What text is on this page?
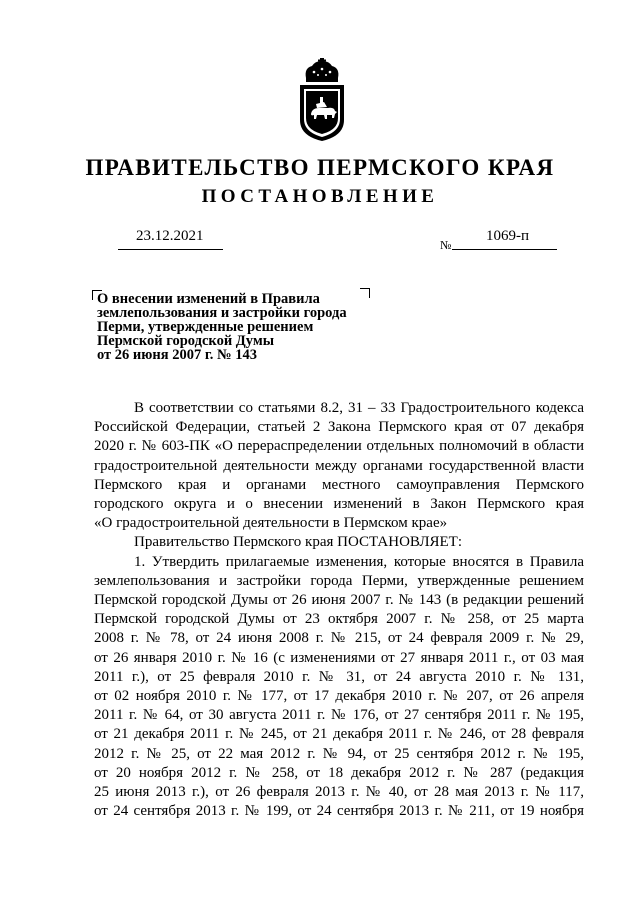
ПРАВИТЕЛЬСТВО ПЕРМСКОГО КРАЯ
ПОСТАНОВЛЕНИЕ
23.12.2021
№
1069-п
О внесении изменений в Правила
землепользования и застройки города
Перми, утвержденные решением
Пермской городской Думы
от 26 июня 2007 г. № 143

В соответствии со статьями 8.2, 31 – 33 Градостроительного кодекса
Российской Федерации, статьей 2 Закона Пермского края от 07 декабря
2020 г. № 603-ПК «О перераспределении отдельных полномочий в области
градостроительной деятельности между органами государственной власти
Пермского края и органами местного самоуправления Пермского
городского округа и о внесении изменений в Закон Пермского края
«О градостроительной деятельности в Пермском крае»

Правительство Пермского края ПОСТАНОВЛЯЕТ:

1. Утвердить прилагаемые изменения, которые вносятся в Правила
землепользования и застройки города Перми, утвержденные решением
Пермской городской Думы от 26 июня 2007 г. № 143 (в редакции решений
Пермской городской Думы от 23 октября 2007 г. № 258, от 25 марта
2008 г. № 78, от 24 июня 2008 г. № 215, от 24 февраля 2009 г. № 29,
от 26 января 2010 г. № 16 (с изменениями от 27 января 2011 г., от 03 мая
2011 г.), от 25 февраля 2010 г. № 31, от 24 августа 2010 г. № 131,
от 02 ноября 2010 г. № 177, от 17 декабря 2010 г. № 207, от 26 апреля
2011 г. № 64, от 30 августа 2011 г. № 176, от 27 сентября 2011 г. № 195,
от 21 декабря 2011 г. № 245, от 21 декабря 2011 г. № 246, от 28 февраля
2012 г. № 25, от 22 мая 2012 г. № 94, от 25 сентября 2012 г. № 195,
от 20 ноября 2012 г. № 258, от 18 декабря 2012 г. № 287 (редакция
25 июня 2013 г.), от 26 февраля 2013 г. № 40, от 28 мая 2013 г. № 117,
от 24 сентября 2013 г. № 199, от 24 сентября 2013 г. № 211, от 19 ноября
